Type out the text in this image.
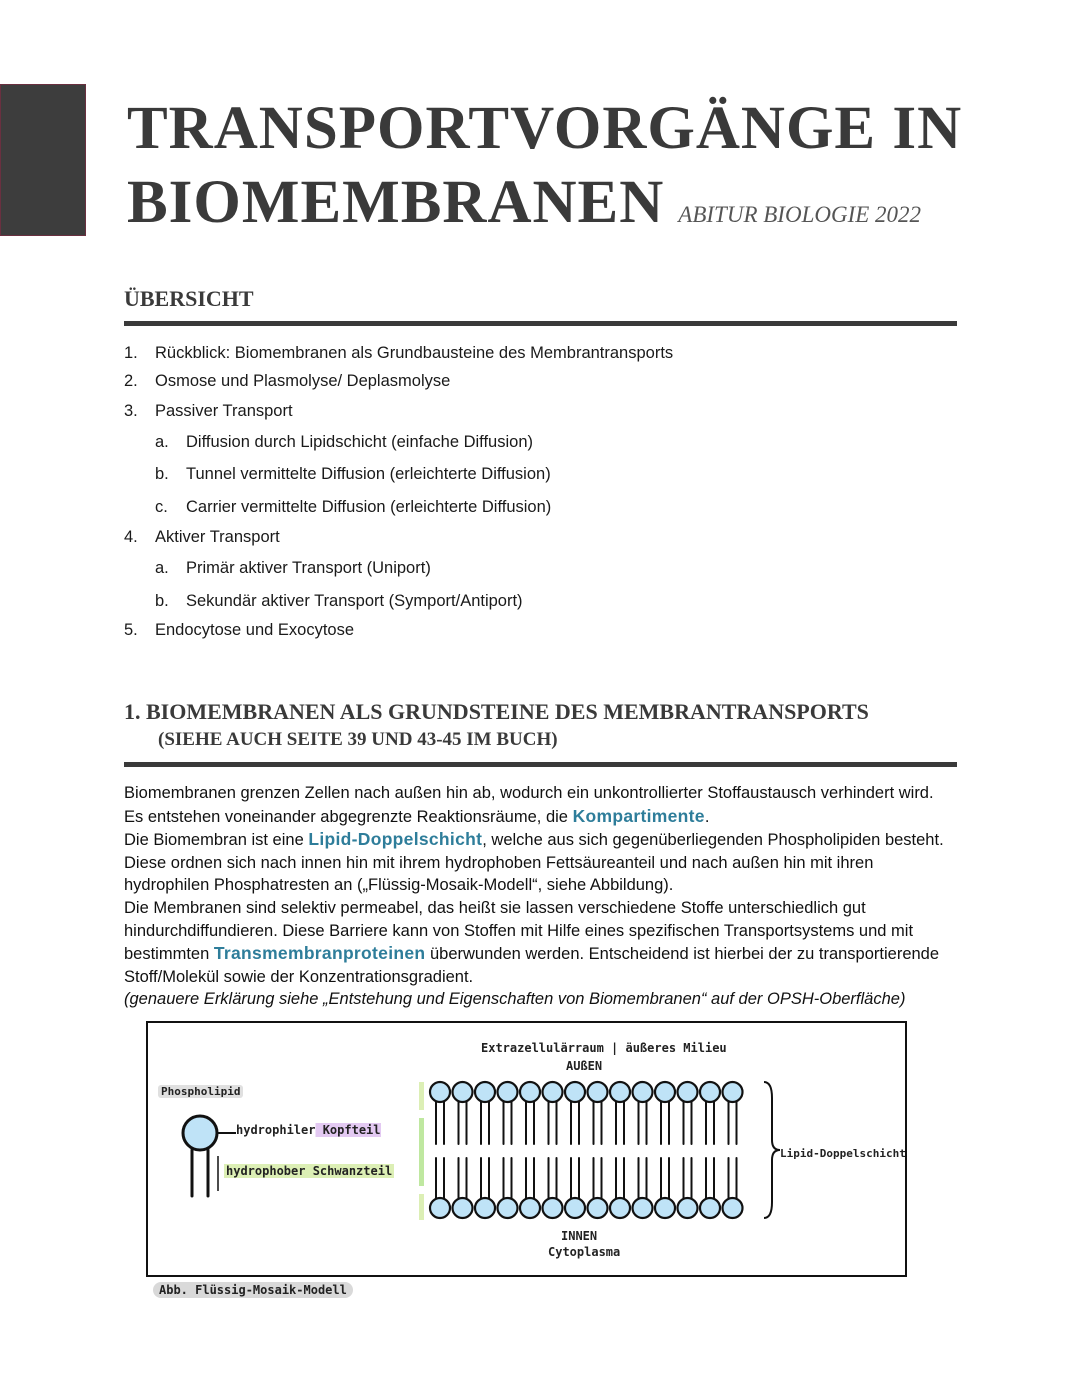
TRANSPORTVORGÄNGE IN
BIOMEMBRANEN ABITUR BIOLOGIE 2022
ÜBERSICHT
1. Rückblick: Biomembranen als Grundbausteine des Membrantransports
2. Osmose und Plasmolyse/ Deplasmolyse
3. Passiver Transport
a. Diffusion durch Lipidschicht (einfache Diffusion)
b. Tunnel vermittelte Diffusion (erleichterte Diffusion)
c. Carrier vermittelte Diffusion (erleichterte Diffusion)
4. Aktiver Transport
a. Primär aktiver Transport (Uniport)
b. Sekundär aktiver Transport (Symport/Antiport)
5. Endocytose und Exocytose
1. BIOMEMBRANEN ALS GRUNDSTEINE DES MEMBRANTRANSPORTS
(SIEHE AUCH SEITE 39 UND 43-45 IM BUCH)
Biomembranen grenzen Zellen nach außen hin ab, wodurch ein unkontrollierter Stoffaustausch verhindert wird. Es entstehen voneinander abgegrenzte Reaktionsräume, die Kompartimente.
Die Biomembran ist eine Lipid-Doppelschicht, welche aus sich gegenüberliegenden Phospholipiden besteht. Diese ordnen sich nach innen hin mit ihrem hydrophoben Fettsäureanteil und nach außen hin mit ihren hydrophilen Phosphatresten an („Flüssig-Mosaik-Modell“, siehe Abbildung).
Die Membranen sind selektiv permeabel, das heißt sie lassen verschiedene Stoffe unterschiedlich gut hindurchdiffundieren. Diese Barriere kann von Stoffen mit Hilfe eines spezifischen Transportsystems und mit bestimmten Transmembranproteinen überwunden werden. Entscheidend ist hierbei der zu transportierende Stoff/Molekül sowie der Konzentrationsgradient.
(genauere Erklärung siehe „Entstehung und Eigenschaften von Biomembranen“ auf der OPSH-Oberfläche)
Extrazellulärraum | äußeres Milieu
AUßEN
Phospholipid
hydrophiler Kopfteil
hydrophober Schwanzteil
Lipid-Doppelschicht
INNEN
Cytoplasma
Abb. Flüssig-Mosaik-Modell
